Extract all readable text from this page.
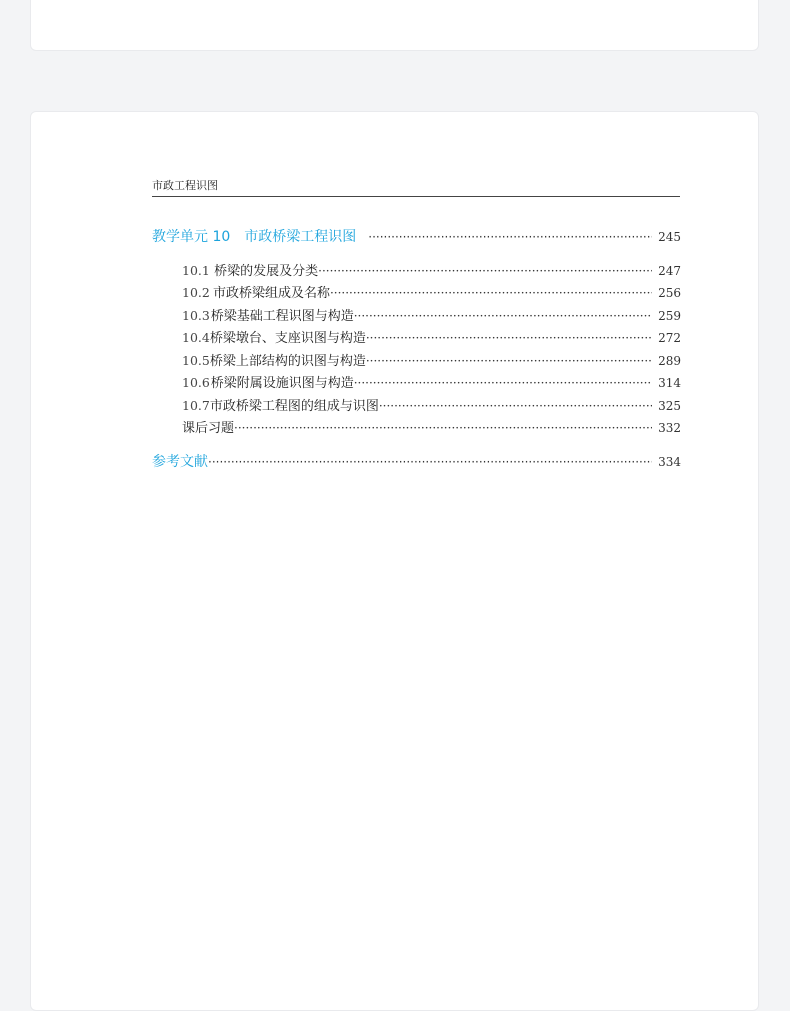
市政工程识图
教学单元 10 市政桥梁工程识图 ·····	245
10.1 桥梁的发展及分类 ·····	247
10.2 市政桥梁组成及名称 ·····	256
10.3 桥梁基础工程识图与构造 ·····	259
10.4 桥梁墩台、支座识图与构造 ·····	272
10.5 桥梁上部结构的识图与构造 ·····	289
10.6 桥梁附属设施识图与构造 ·····	314
10.7 市政桥梁工程图的组成与识图 ·····	325
课后习题 ·····	332
参考文献 ·····	334
